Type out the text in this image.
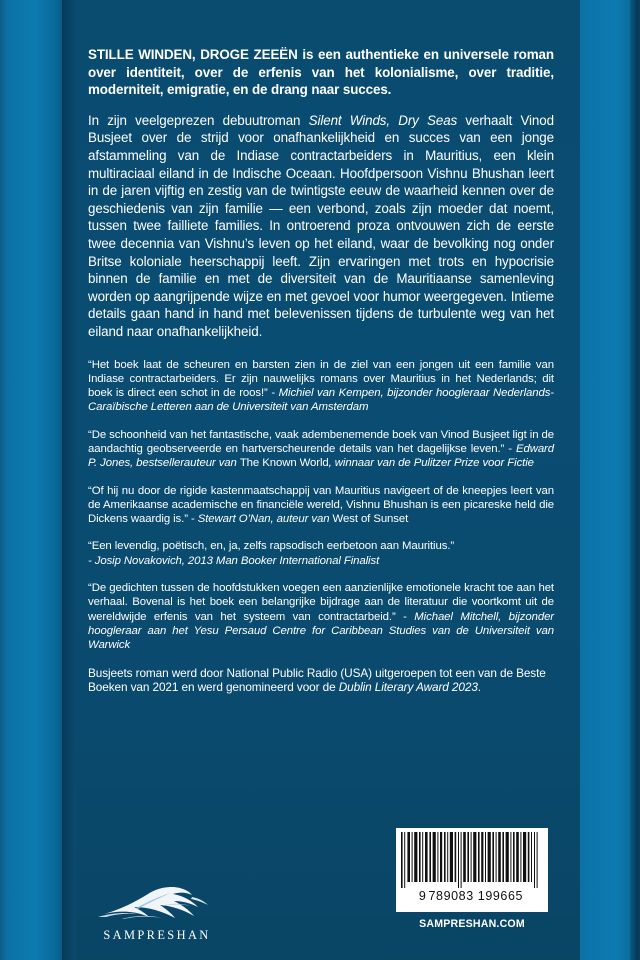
STILLE WINDEN, DROGE ZEEËN is een authentieke en universele roman over identiteit, over de erfenis van het kolonialisme, over traditie, moderniteit, emigratie, en de drang naar succes.

In zijn veelgeprezen debuutroman Silent Winds, Dry Seas verhaalt Vinod Busjeet over de strijd voor onafhankelijkheid en succes van een jonge afstammeling van de Indiase contractarbeiders in Mauritius, een klein multiraciaal eiland in de Indische Oceaan. Hoofdpersoon Vishnu Bhushan leert in de jaren vijftig en zestig van de twintigste eeuw de waarheid kennen over de geschiedenis van zijn familie — een verbond, zoals zijn moeder dat noemt, tussen twee failliete families. In ontroerend proza ontvouwen zich de eerste twee decennia van Vishnu’s leven op het eiland, waar de bevolking nog onder Britse koloniale heerschappij leeft. Zijn ervaringen met trots en hypocrisie binnen de familie en met de diversiteit van de Mauritiaanse samenleving worden op aangrijpende wijze en met gevoel voor humor weergegeven. Intieme details gaan hand in hand met belevenissen tijdens de turbulente weg van het eiland naar onafhankelijkheid.

“Het boek laat de scheuren en barsten zien in de ziel van een jongen uit een familie van Indiase contractarbeiders. Er zijn nauwelijks romans over Mauritius in het Nederlands; dit boek is direct een schot in de roos!” - Michiel van Kempen, bijzonder hoogleraar Nederlands-Caraïbische Letteren aan de Universiteit van Amsterdam

“De schoonheid van het fantastische, vaak adembenemende boek van Vinod Busjeet ligt in de aandachtig geobserveerde en hartverscheurende details van het dagelijkse leven.” - Edward P. Jones, bestsellerauteur van The Known World, winnaar van de Pulitzer Prize voor Fictie

“Of hij nu door de rigide kastenmaatschappij van Mauritius navigeert of de kneepjes leert van de Amerikaanse academische en financiële wereld, Vishnu Bhushan is een picareske held die Dickens waardig is.” - Stewart O’Nan, auteur van West of Sunset

“Een levendig, poëtisch, en, ja, zelfs rapsodisch eerbetoon aan Mauritius.”
- Josip Novakovich, 2013 Man Booker International Finalist

“De gedichten tussen de hoofdstukken voegen een aanzienlijke emotionele kracht toe aan het verhaal. Bovenal is het boek een belangrijke bijdrage aan de literatuur die voortkomt uit de wereldwijde erfenis van het systeem van contractarbeid.” - Michael Mitchell, bijzonder hoogleraar aan het Yesu Persaud Centre for Caribbean Studies van de Universiteit van Warwick

Busjeets roman werd door National Public Radio (USA) uitgeroepen tot een van de Beste Boeken van 2021 en werd genomineerd voor de Dublin Literary Award 2023.

SAMPRESHAN
9 789083 199665
SAMPRESHAN.COM
